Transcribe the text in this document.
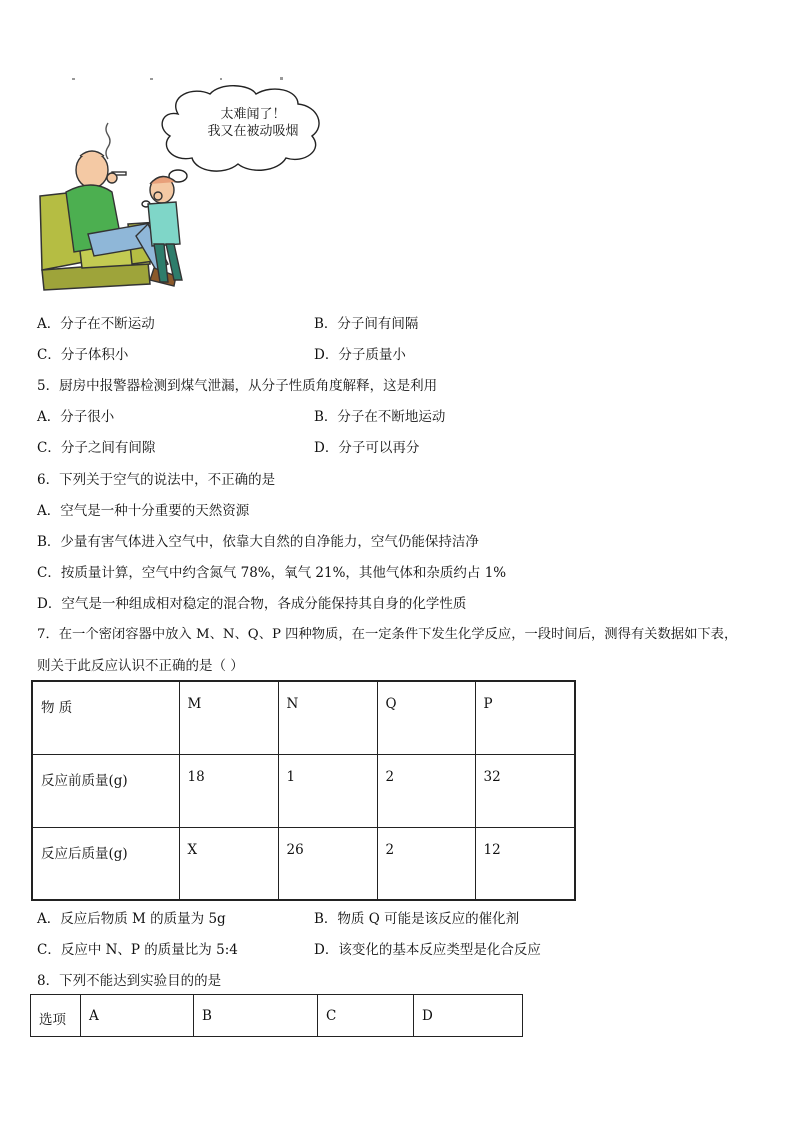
太难闻了！
我又在被动吸烟
A．分子在不断运动	B．分子间有间隔
C．分子体积小	D．分子质量小
5．厨房中报警器检测到煤气泄漏，从分子性质角度解释，这是利用
A．分子很小	B．分子在不断地运动
C．分子之间有间隙	D．分子可以再分
6．下列关于空气的说法中，不正确的是
A．空气是一种十分重要的天然资源
B．少量有害气体进入空气中，依靠大自然的自净能力，空气仍能保持洁净
C．按质量计算，空气中约含氮气 78%，氧气 21%，其他气体和杂质约占 1%
D．空气是一种组成相对稳定的混合物，各成分能保持其自身的化学性质
7．在一个密闭容器中放入 M、N、Q、P 四种物质，在一定条件下发生化学反应，一段时间后，测得有关数据如下表，
则关于此反应认识不正确的是（ ）
物 质	M	N	Q	P
反应前质量(g)	18	1	2	32
反应后质量(g)	X	26	2	12
A．反应后物质 M 的质量为 5g	B．物质 Q 可能是该反应的催化剂
C．反应中 N、P 的质量比为 5:4	D．该变化的基本反应类型是化合反应
8．下列不能达到实验目的的是
选项	A	B	C	D
